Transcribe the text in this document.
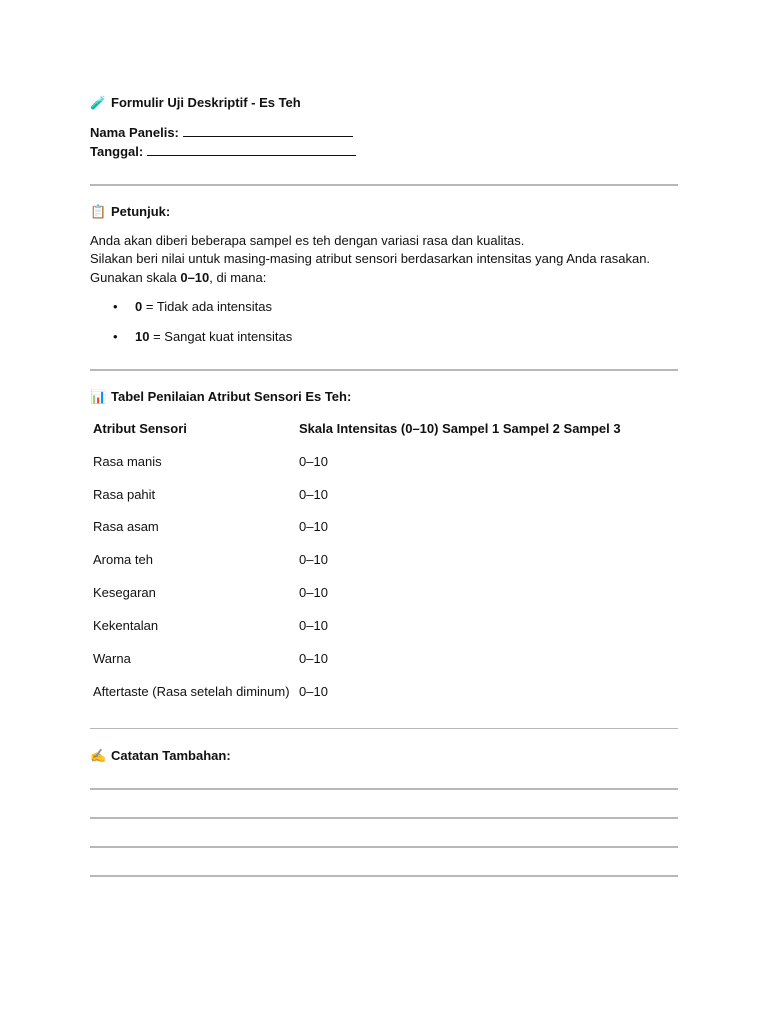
🧪 Formulir Uji Deskriptif - Es Teh
Nama Panelis:
Tanggal:
📋 Petunjuk:
Anda akan diberi beberapa sampel es teh dengan variasi rasa dan kualitas.
Silakan beri nilai untuk masing-masing atribut sensori berdasarkan intensitas yang Anda rasakan.
Gunakan skala 0–10, di mana:
• 0 = Tidak ada intensitas
• 10 = Sangat kuat intensitas
📊 Tabel Penilaian Atribut Sensori Es Teh:
Atribut Sensori	Skala Intensitas (0–10) Sampel 1 Sampel 2 Sampel 3
Rasa manis	0–10
Rasa pahit	0–10
Rasa asam	0–10
Aroma teh	0–10
Kesegaran	0–10
Kekentalan	0–10
Warna	0–10
Aftertaste (Rasa setelah diminum) 0–10
✍️ Catatan Tambahan:
